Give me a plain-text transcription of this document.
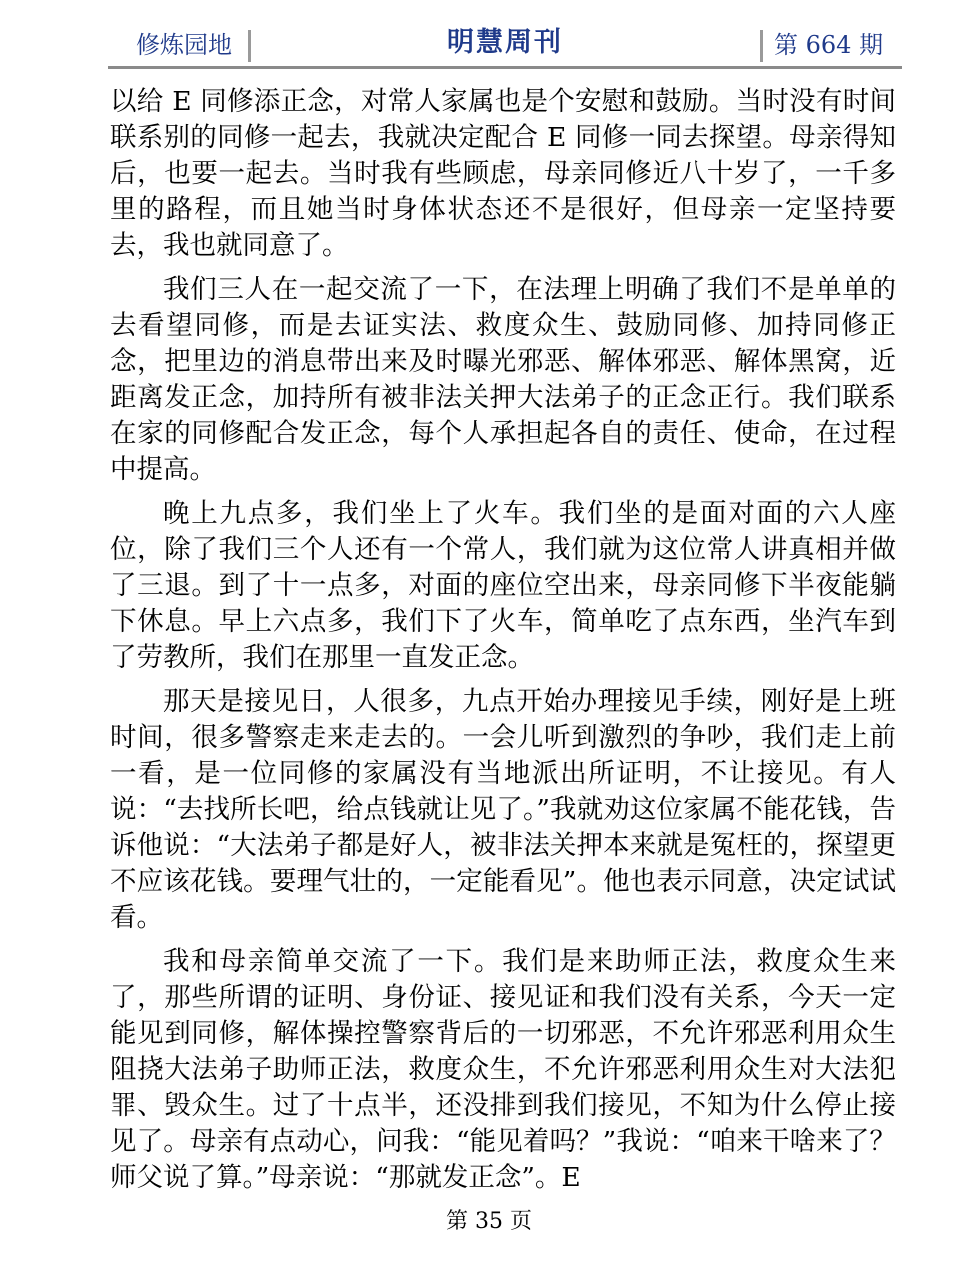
修炼园地	明慧周刊	第 664 期

以给 E 同修添正念，对常人家属也是个安慰和鼓励。当时没有时间联系别的同修一起去，我就决定配合 E 同修一同去探望。母亲得知后，也要一起去。当时我有些顾虑，母亲同修近八十岁了，一千多里的路程，而且她当时身体状态还不是很好，但母亲一定坚持要去，我也就同意了。

我们三人在一起交流了一下，在法理上明确了我们不是单单的去看望同修，而是去证实法、救度众生、鼓励同修、加持同修正念，把里边的消息带出来及时曝光邪恶、解体邪恶、解体黑窝，近距离发正念，加持所有被非法关押大法弟子的正念正行。我们联系在家的同修配合发正念，每个人承担起各自的责任、使命，在过程中提高。

晚上九点多，我们坐上了火车。我们坐的是面对面的六人座位，除了我们三个人还有一个常人，我们就为这位常人讲真相并做了三退。到了十一点多，对面的座位空出来，母亲同修下半夜能躺下休息。早上六点多，我们下了火车，简单吃了点东西，坐汽车到了劳教所，我们在那里一直发正念。

那天是接见日，人很多，九点开始办理接见手续，刚好是上班时间，很多警察走来走去的。一会儿听到激烈的争吵，我们走上前一看，是一位同修的家属没有当地派出所证明，不让接见。有人说：“去找所长吧，给点钱就让见了。”我就劝这位家属不能花钱，告诉他说：“大法弟子都是好人，被非法关押本来就是冤枉的，探望更不应该花钱。要理气壮的，一定能看见”。他也表示同意，决定试试看。

我和母亲简单交流了一下。我们是来助师正法，救度众生来了，那些所谓的证明、身份证、接见证和我们没有关系，今天一定能见到同修，解体操控警察背后的一切邪恶，不允许邪恶利用众生阻挠大法弟子助师正法，救度众生，不允许邪恶利用众生对大法犯罪、毁众生。过了十点半，还没排到我们接见，不知为什么停止接见了。母亲有点动心，问我：“能见着吗？”我说：“咱来干啥来了？师父说了算。”母亲说：“那就发正念”。E

第 35 页
